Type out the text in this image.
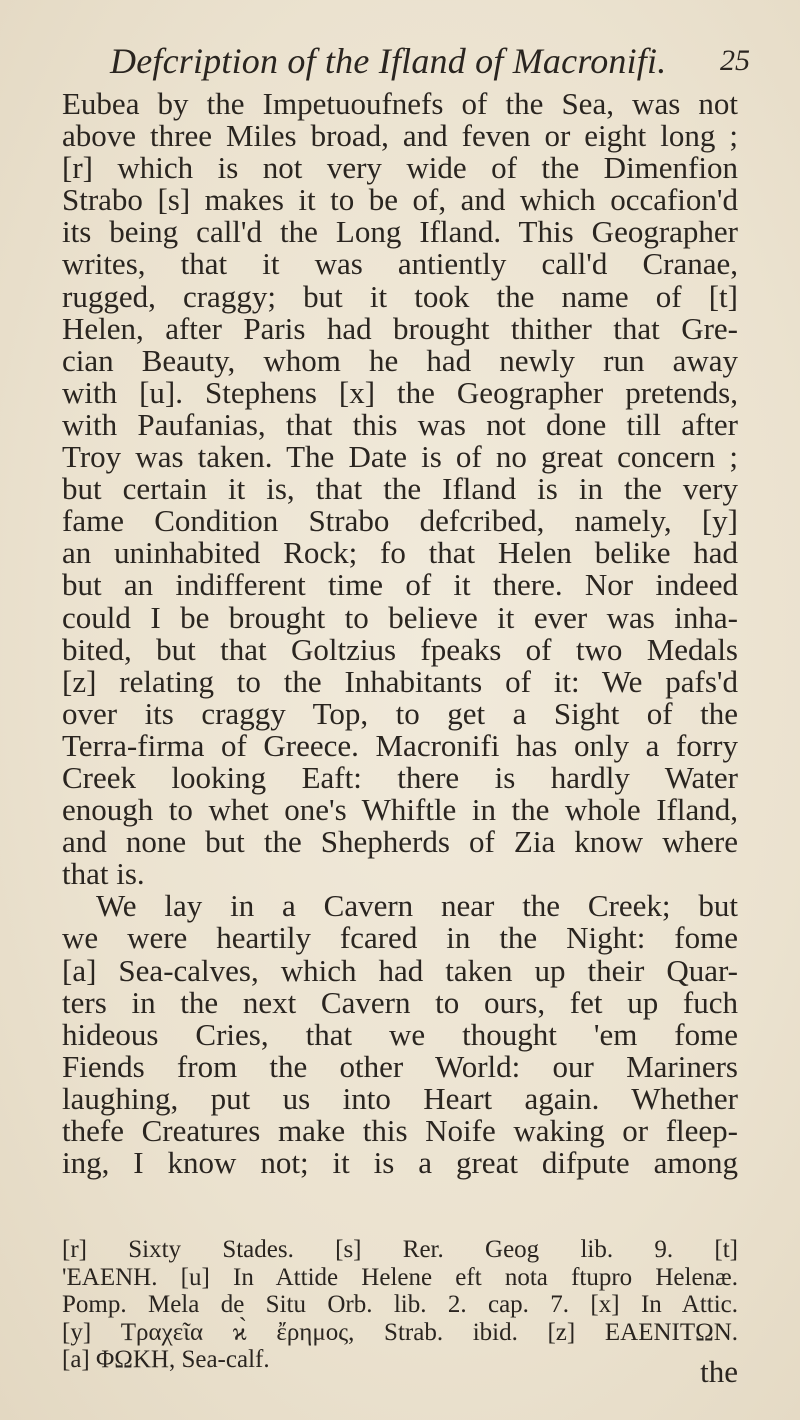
Defcription of the Ifland of Macronifi. 25
Eubea by the Impetuoufnefs of the Sea, was not
above three Miles broad, and feven or eight long ;
[r] which is not very wide of the Dimenfion
Strabo [s] makes it to be of, and which occafion'd
its being call'd the Long Ifland. This Geographer
writes, that it was antiently call'd Cranae,
rugged, craggy; but it took the name of [t]
Helen, after Paris had brought thither that Gre-
cian Beauty, whom he had newly run away
with [u]. Stephens [x] the Geographer pretends,
with Paufanias, that this was not done till after
Troy was taken. The Date is of no great concern ;
but certain it is, that the Ifland is in the very
fame Condition Strabo defcribed, namely, [y]
an uninhabited Rock; fo that Helen belike had
but an indifferent time of it there. Nor indeed
could I be brought to believe it ever was inha-
bited, but that Goltzius fpeaks of two Medals
[z] relating to the Inhabitants of it: We pafs'd
over its craggy Top, to get a Sight of the
Terra-firma of Greece. Macronifi has only a forry
Creek looking Eaft: there is hardly Water
enough to whet one's Whiftle in the whole Ifland,
and none but the Shepherds of Zia know where
that is.
We lay in a Cavern near the Creek; but
we were heartily fcared in the Night: fome
[a] Sea-calves, which had taken up their Quar-
ters in the next Cavern to ours, fet up fuch
hideous Cries, that we thought 'em fome
Fiends from the other World: our Mariners
laughing, put us into Heart again. Whether
thefe Creatures make this Noife waking or fleep-
ing, I know not; it is a great difpute among
[r] Sixty Stades. [s] Rer. Geog lib. 9. [t]
'EAENH. [u] In Attide Helene eft nota ftupro Helenæ.
Pomp. Mela de Situ Orb. lib. 2. cap. 7. [x] In Attic.
[y] Τραχεῖα ϰ̀ ἔρημος, Strab. ibid. [z] EAENITΩN.
[a] ΦΩΚΗ, Sea-calf.	the
